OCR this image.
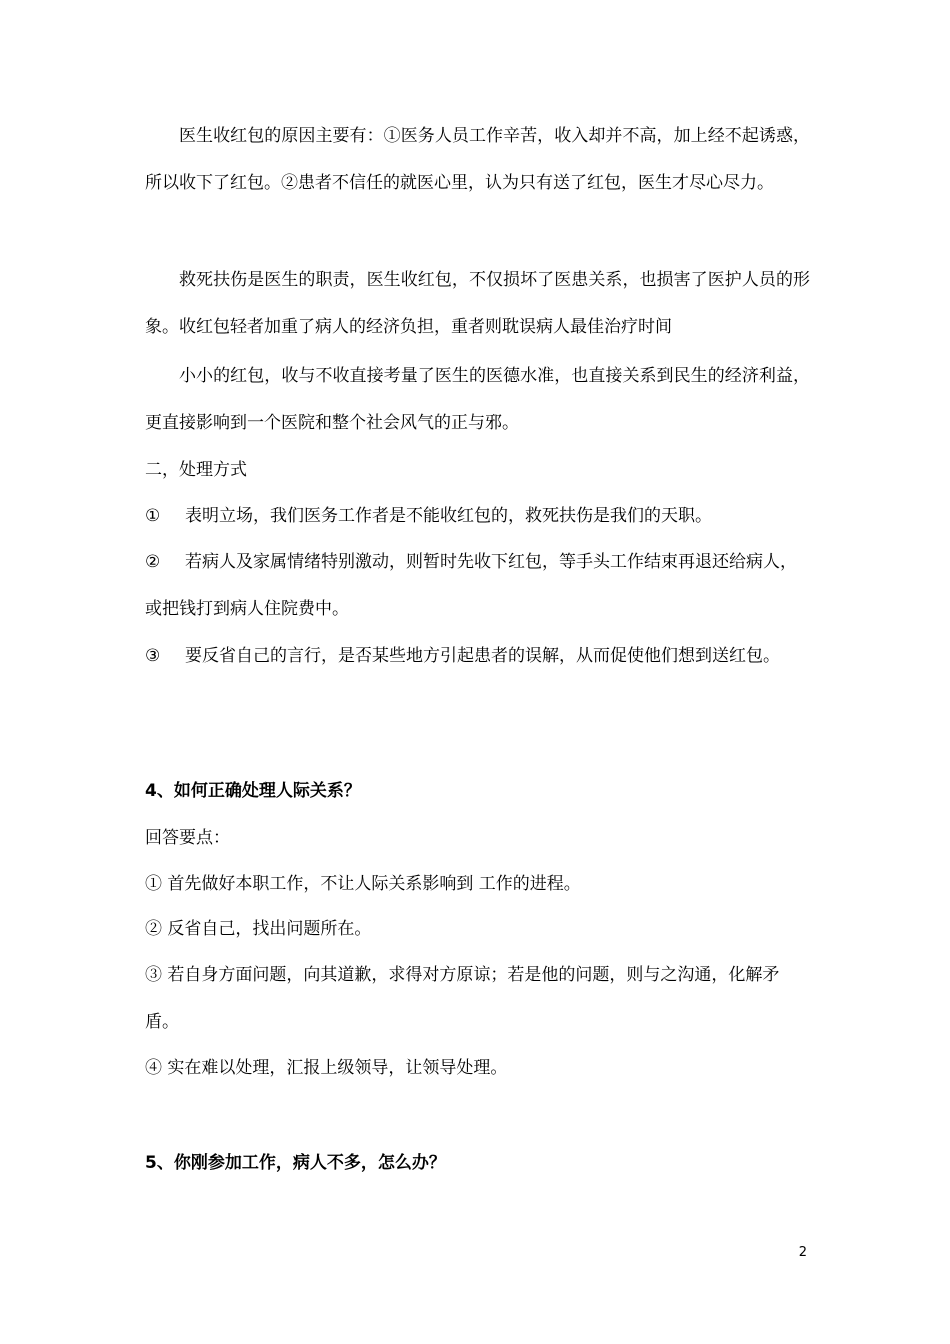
医生收红包的原因主要有：①医务人员工作辛苦，收入却并不高，加上经不起诱惑，所以收下了红包。②患者不信任的就医心里，认为只有送了红包，医生才尽心尽力。

救死扶伤是医生的职责，医生收红包，不仅损坏了医患关系，也损害了医护人员的形象。收红包轻者加重了病人的经济负担，重者则耽误病人最佳治疗时间

小小的红包，收与不收直接考量了医生的医德水准，也直接关系到民生的经济利益，更直接影响到一个医院和整个社会风气的正与邪。

二，处理方式

① 表明立场，我们医务工作者是不能收红包的，救死扶伤是我们的天职。

② 若病人及家属情绪特别激动，则暂时先收下红包，等手头工作结束再退还给病人，或把钱打到病人住院费中。

③ 要反省自己的言行，是否某些地方引起患者的误解，从而促使他们想到送红包。

4、如何正确处理人际关系？

回答要点：

① 首先做好本职工作，不让人际关系影响到 工作的进程。

② 反省自己，找出问题所在。

③ 若自身方面问题，向其道歉，求得对方原谅；若是他的问题，则与之沟通，化解矛盾。

④ 实在难以处理，汇报上级领导，让领导处理。

5、你刚参加工作，病人不多，怎么办？
2
